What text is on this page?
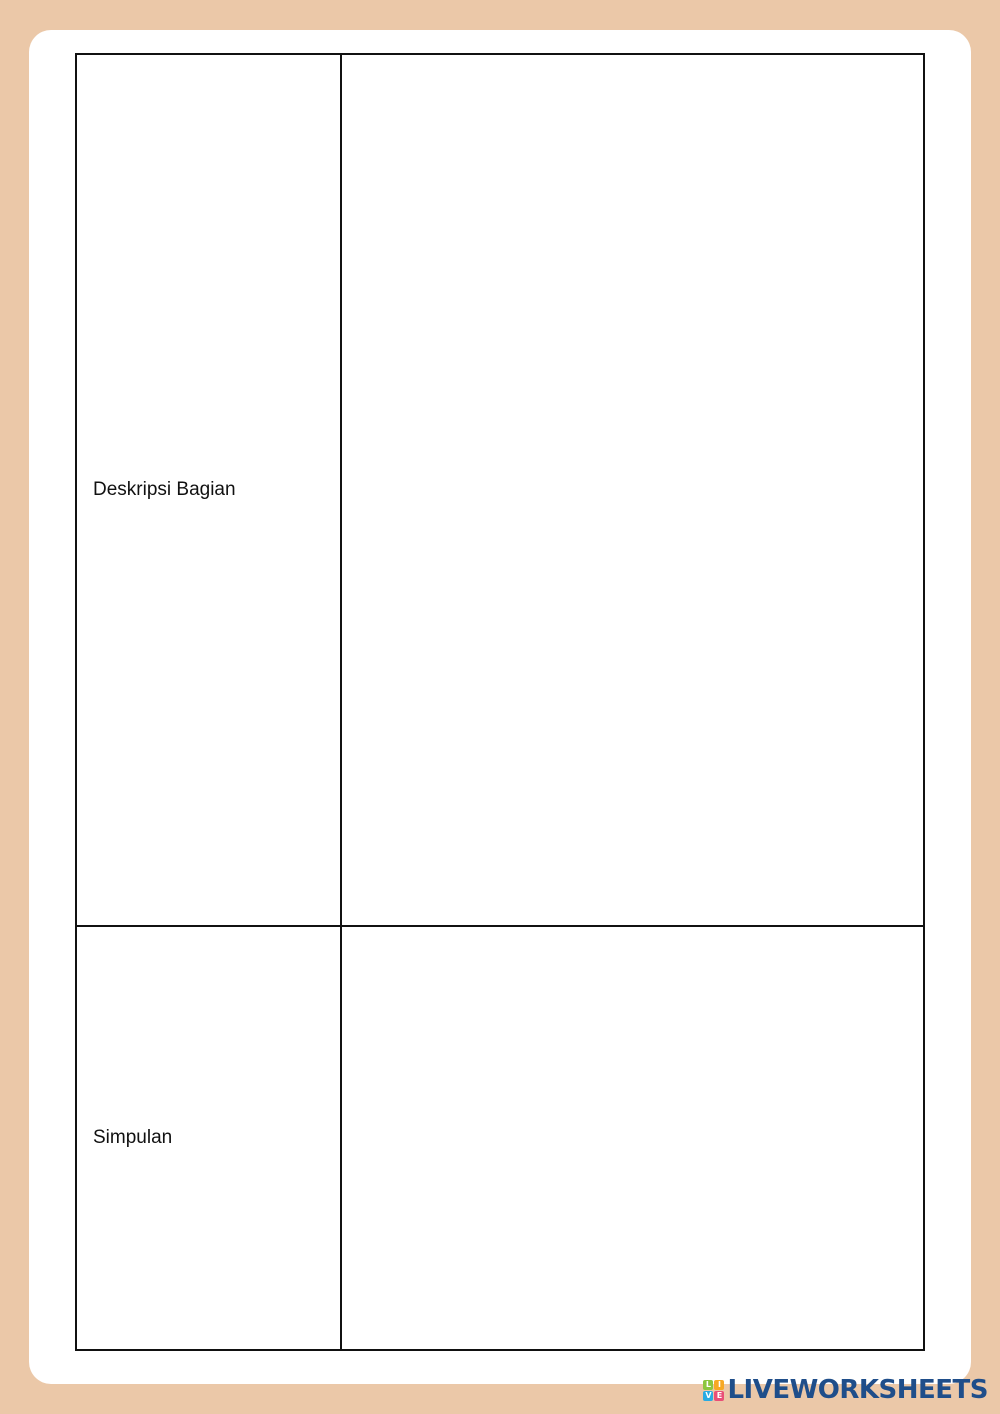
Deskripsi Bagian
Simpulan
L I
V E LIVEWORKSHEETS
